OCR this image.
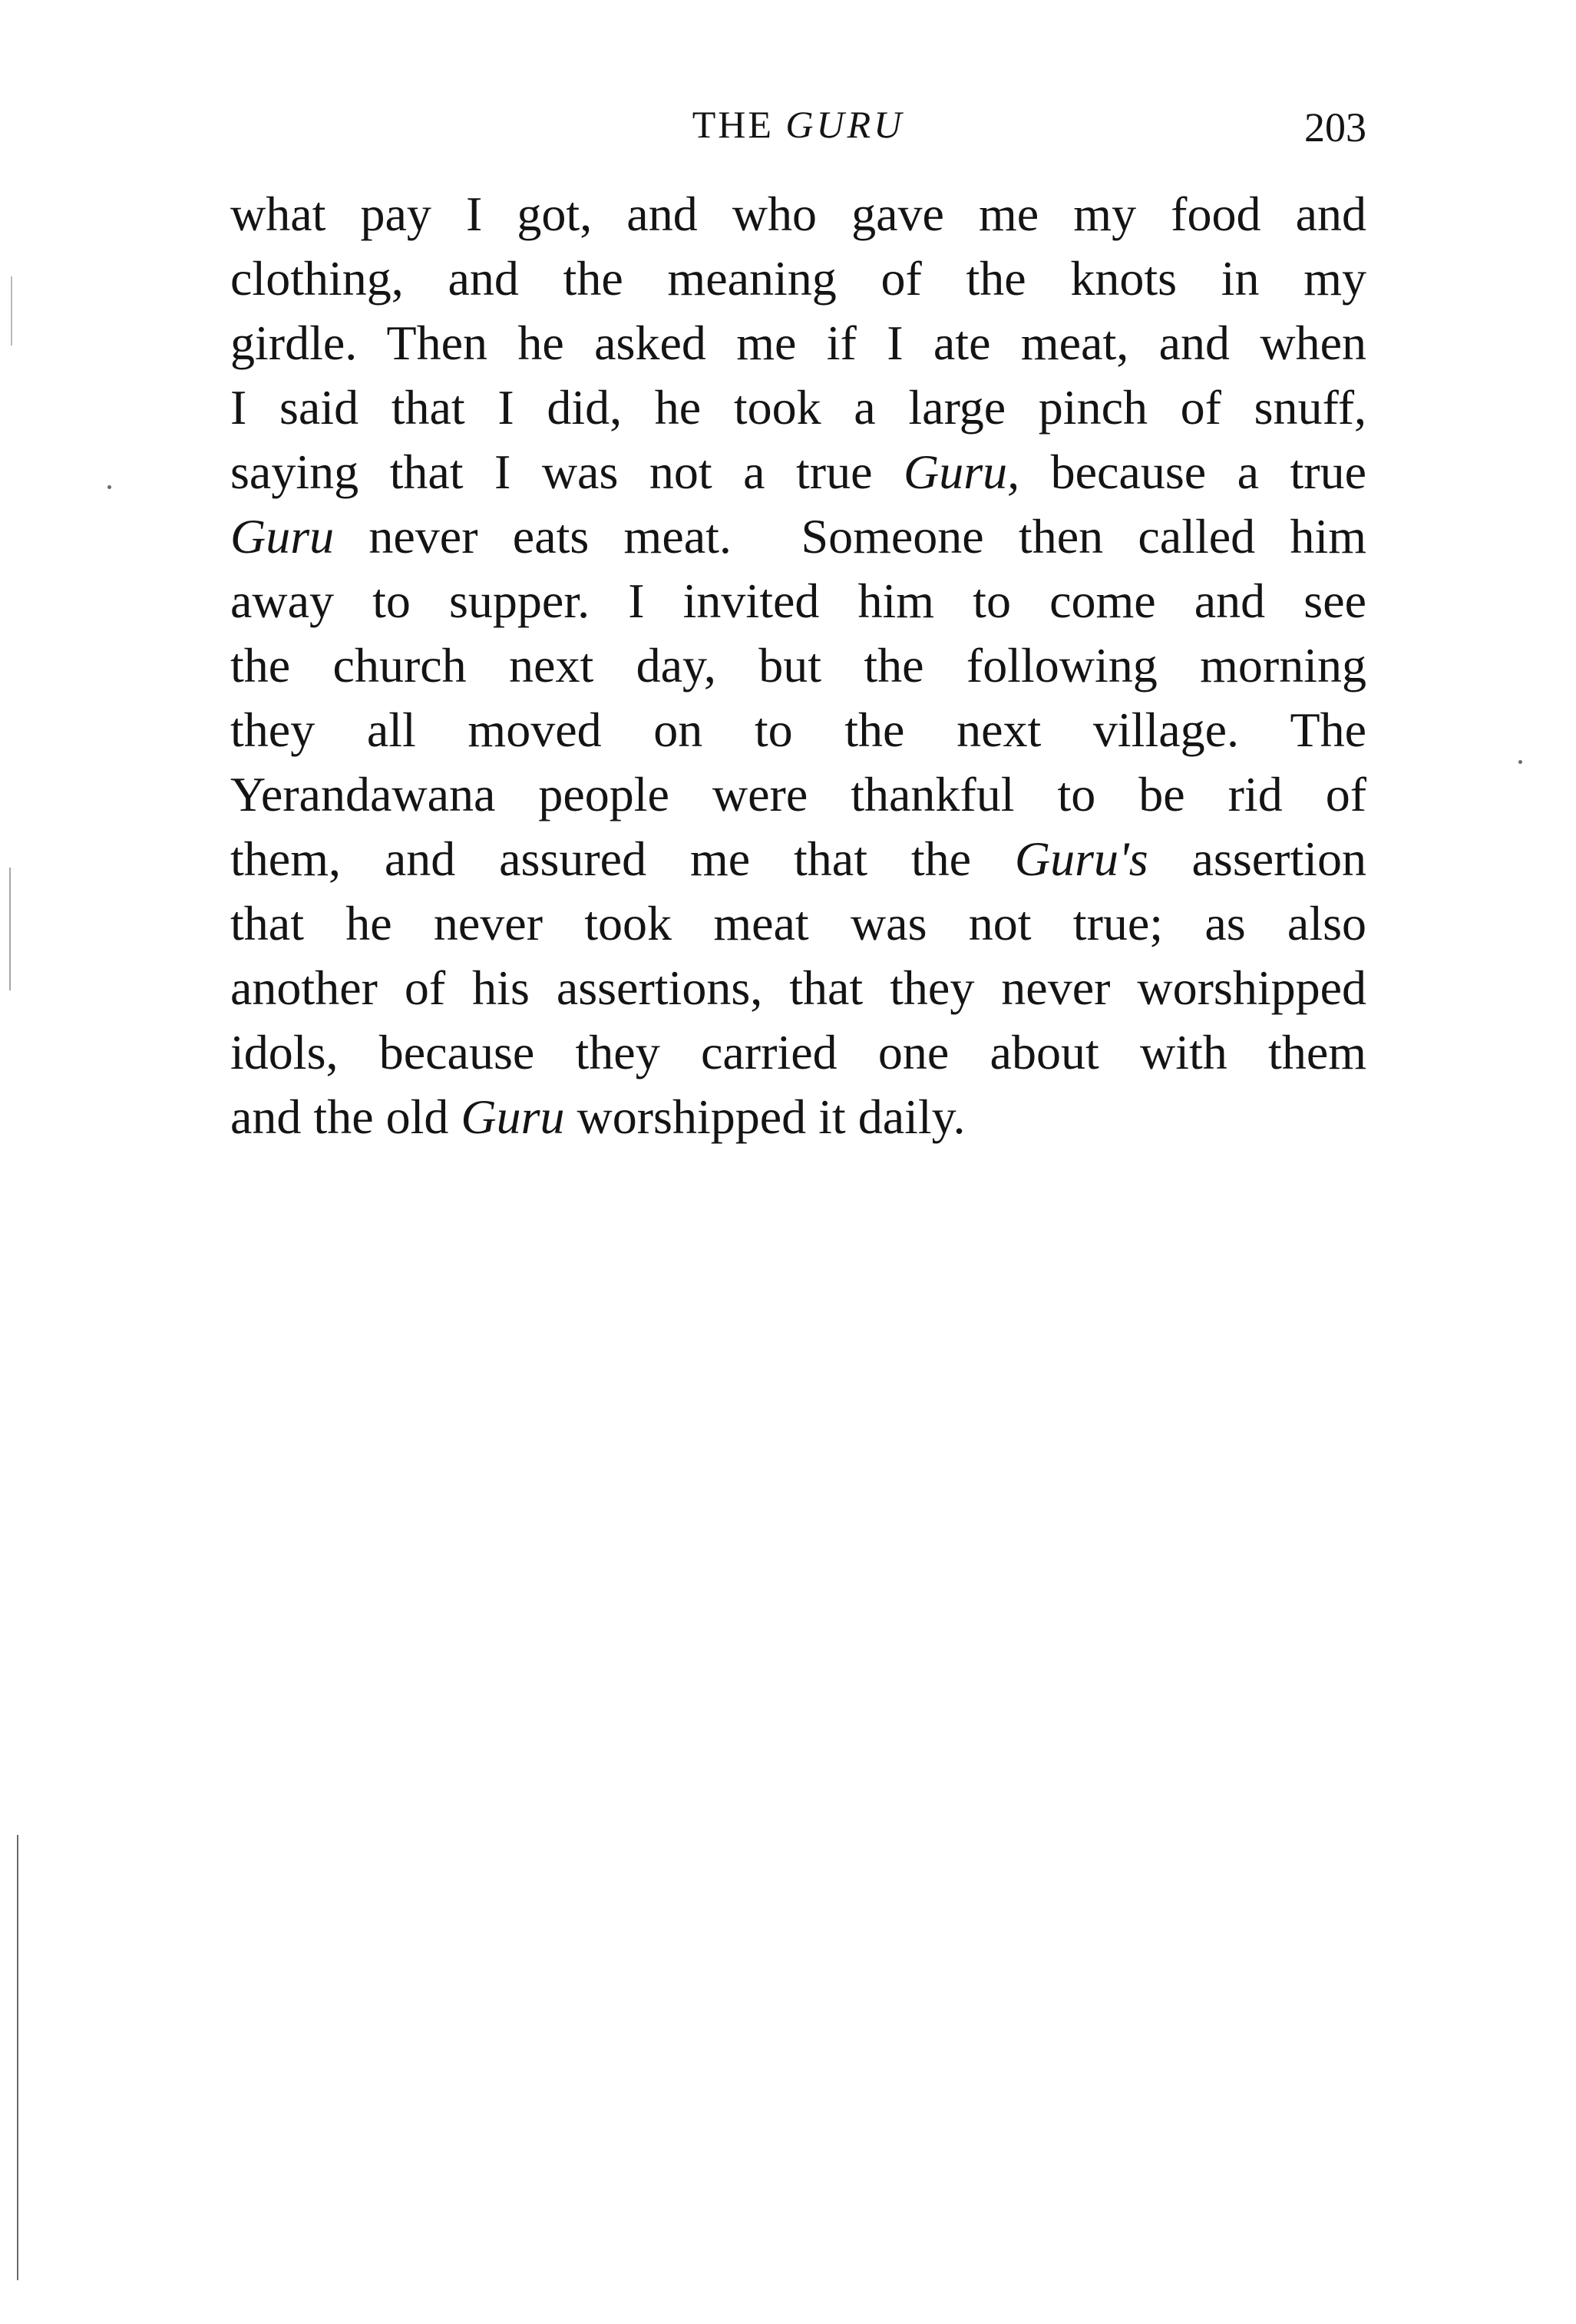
THE GURU	203
what pay I got, and who gave me my food and
clothing, and the meaning of the knots in my
girdle. Then he asked me if I ate meat, and when
I said that I did, he took a large pinch of snuff,
saying that I was not a true Guru, because a true
Guru never eats meat.  Someone then called him
away to supper. I invited him to come and see
the church next day, but the following morning
they all moved on to the next village. The
Yerandawana people were thankful to be rid of
them, and assured me that the Guru's assertion
that he never took meat was not true; as also
another of his assertions, that they never worshipped
idols, because they carried one about with them
and the old Guru worshipped it daily.
